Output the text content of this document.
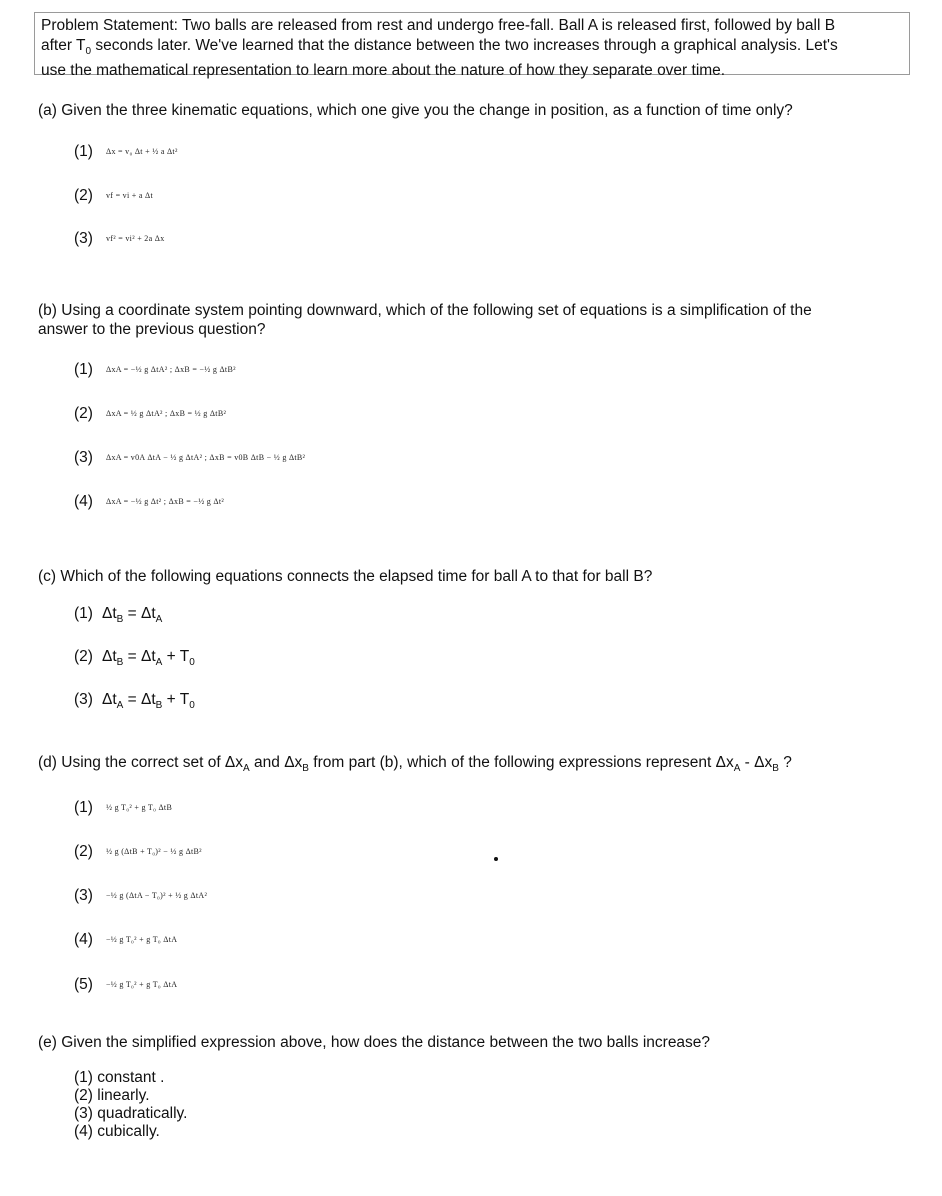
Problem Statement: Two balls are released from rest and undergo free-fall. Ball A is released first, followed by ball B
after $T_0$ seconds later. We've learned that the distance between the two increases through a graphical analysis. Let's
use the mathematical representation to learn more about the nature of how they separate over time.
(a) Given the three kinematic equations, which one give you the change in position, as a function of time only?
(1) Δx = v₀ Δt + ½ a Δt²
(2) vf = vi + a Δt
(3) vf² = vi² + 2a Δx
(b) Using a coordinate system pointing downward, which of the following set of equations is a simplification of the
answer to the previous question?
(1) ΔxA = −½ g ΔtA² ; ΔxB = −½ g ΔtB²
(2) ΔxA = ½ g ΔtA² ; ΔxB = ½ g ΔtB²
(3) ΔxA = v0A ΔtA − ½ g ΔtA² ; ΔxB = v0B ΔtB − ½ g ΔtB²
(4) ΔxA = −½ g Δt² ; ΔxB = −½ g Δt²
(c) Which of the following equations connects the elapsed time for ball A to that for ball B?
(1) $\Delta t_B = \Delta t_A$
(2) $\Delta t_B = \Delta t_A + T_0$
(3) $\Delta t_A = \Delta t_B + T_0$
(d) Using the correct set of $\Delta x_A$ and $\Delta x_B$ from part (b), which of the following expressions represent $\Delta x_A - \Delta x_B$ ?
(1) ½ g T₀² + g T₀ ΔtB
(2) ½ g (ΔtB + T₀)² − ½ g ΔtB²
(3) −½ g (ΔtA − T₀)² + ½ g ΔtA²
(4) −½ g T₀² + g T₀ ΔtA
(5) −½ g T₀² + g T₀ ΔtA
(e) Given the simplified expression above, how does the distance between the two balls increase?
(1) constant .
(2) linearly.
(3) quadratically.
(4) cubically.
